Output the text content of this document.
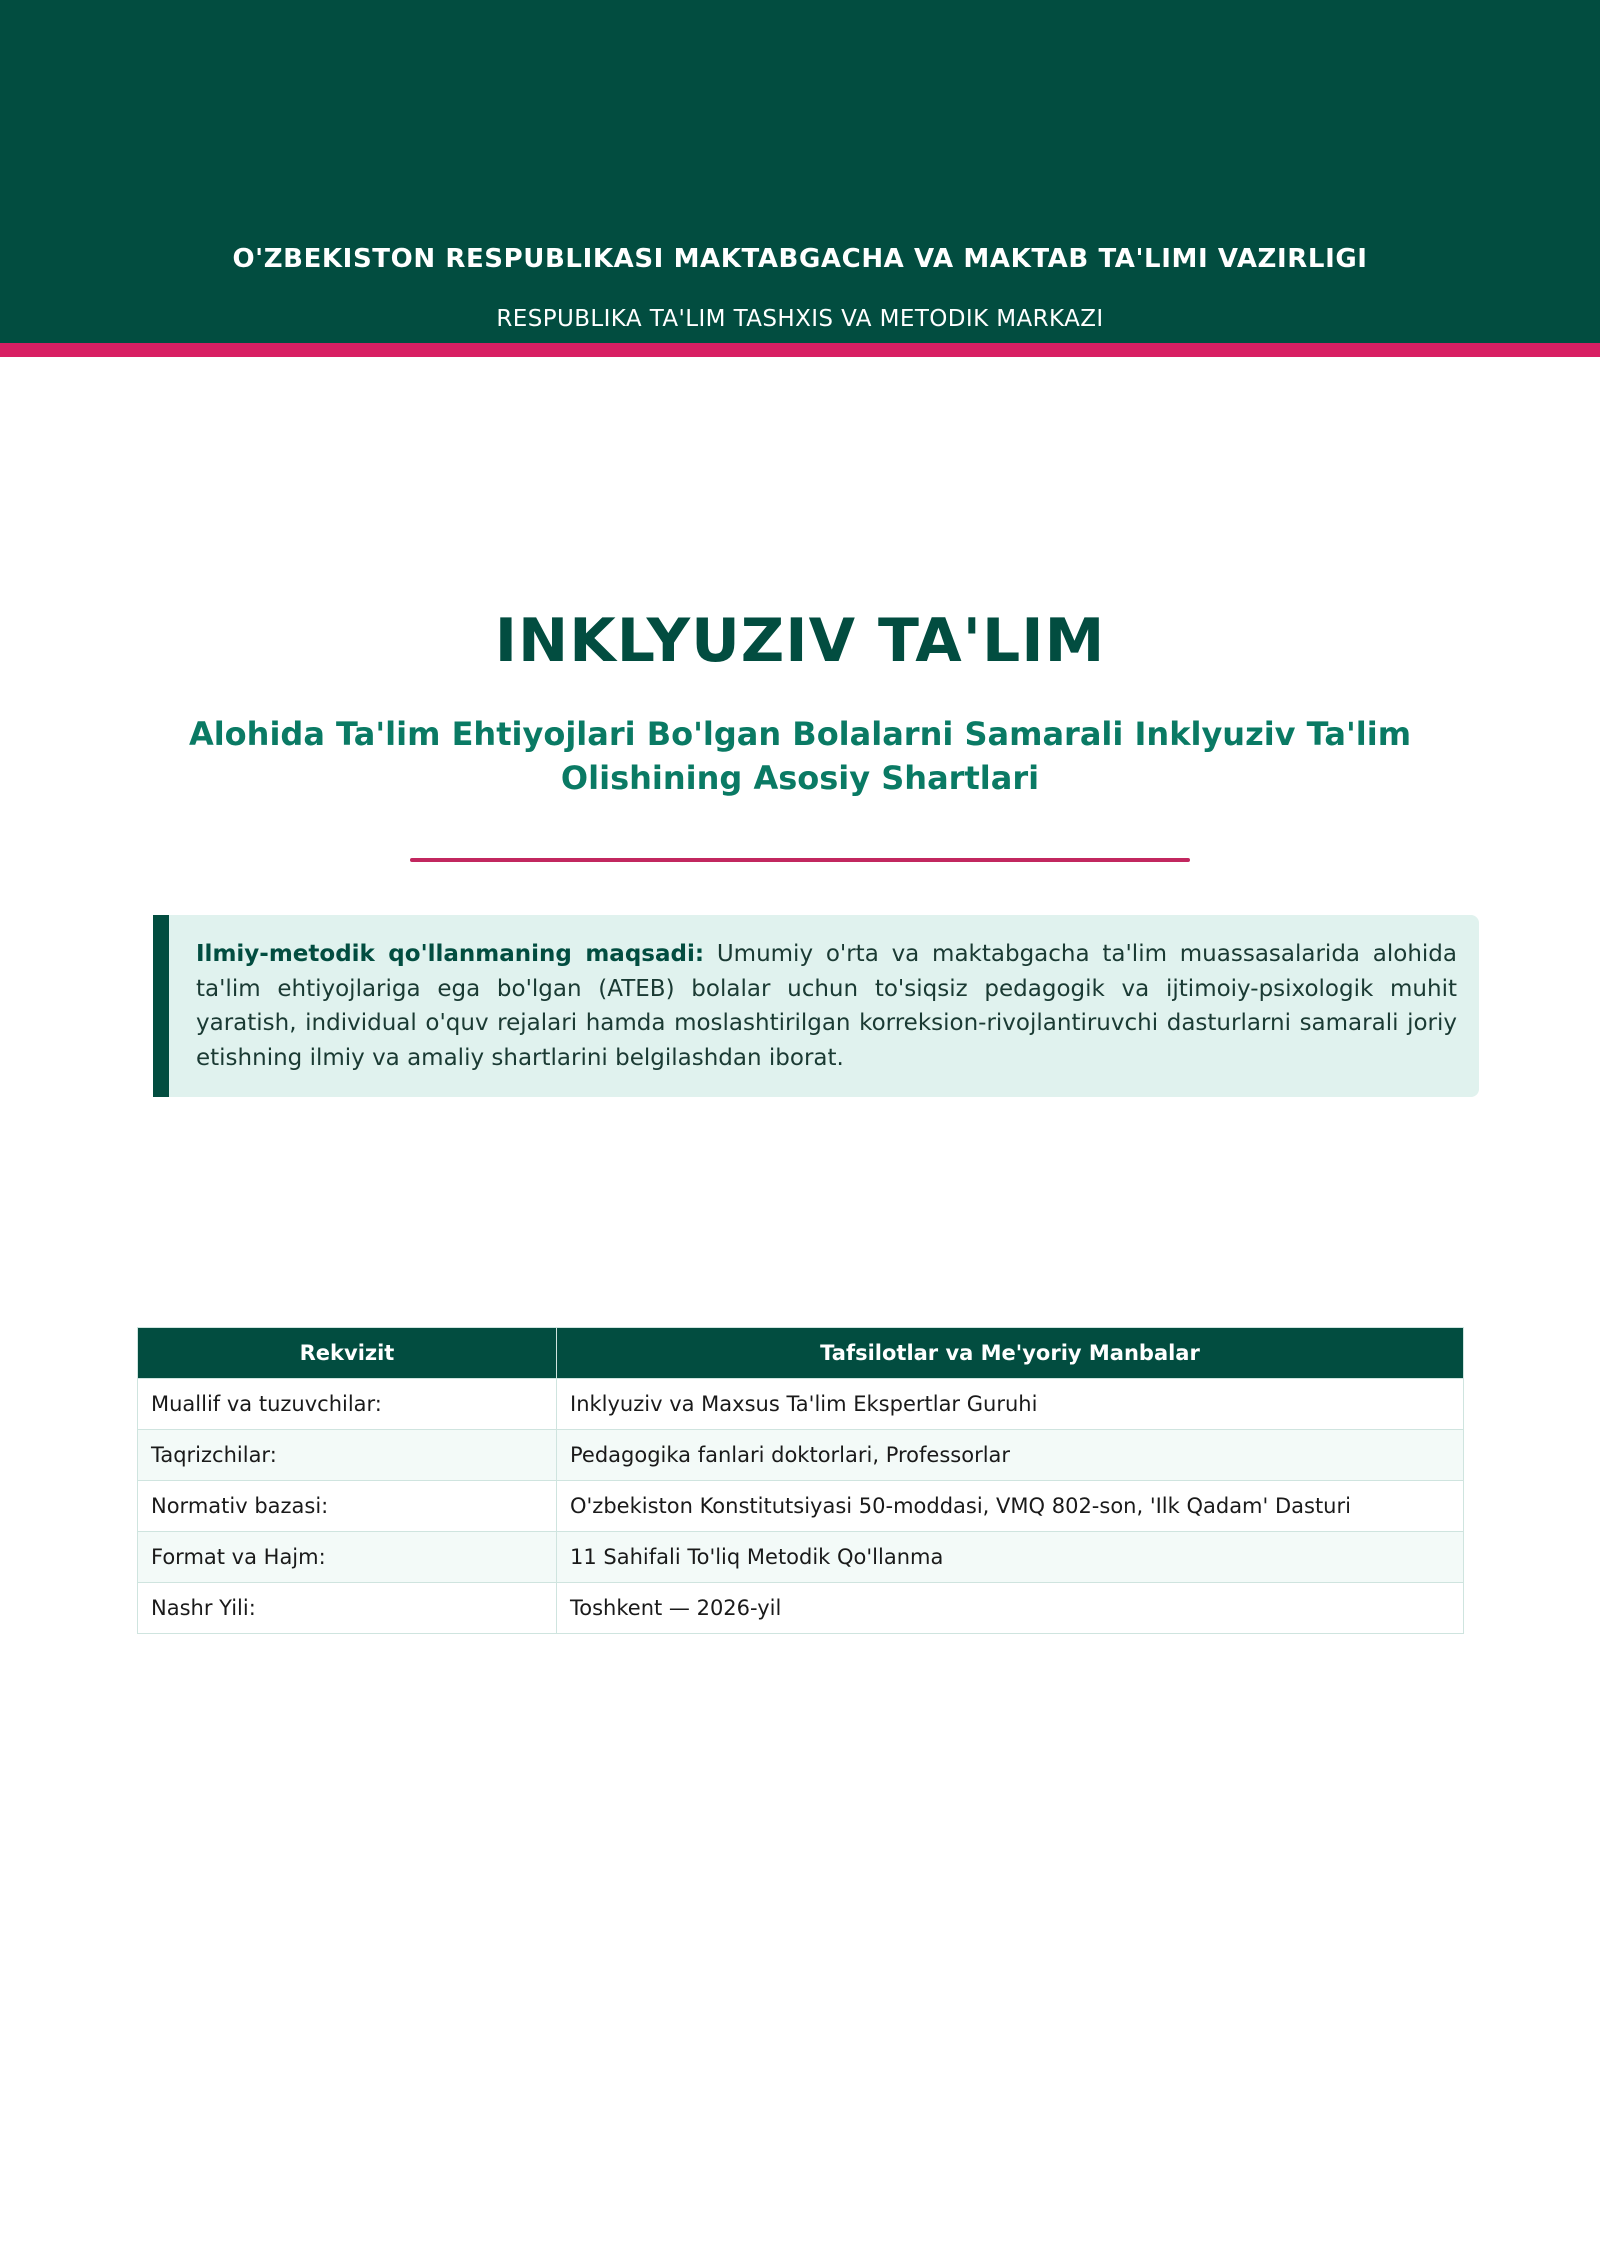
O'ZBEKISTON RESPUBLIKASI MAKTABGACHA VA MAKTAB TA'LIMI VAZIRLIGI
RESPUBLIKA TA'LIM TASHXIS VA METODIK MARKAZI
INKLYUZIV TA'LIM
Alohida Ta'lim Ehtiyojlari Bo'lgan Bolalarni Samarali Inklyuziv Ta'lim Olishining Asosiy Shartlari

Ilmiy-metodik qo'llanmaning maqsadi: Umumiy o'rta va maktabgacha ta'lim muassasalarida alohida ta'lim ehtiyojlariga ega bo'lgan (ATEB) bolalar uchun to'siqsiz pedagogik va ijtimoiy-psixologik muhit yaratish, individual o'quv rejalari hamda moslashtirilgan korreksion-rivojlantiruvchi dasturlarni samarali joriy etishning ilmiy va amaliy shartlarini belgilashdan iborat.

Rekvizit	Tafsilotlar va Me'yoriy Manbalar
Muallif va tuzuvchilar:	Inklyuziv va Maxsus Ta'lim Ekspertlar Guruhi
Taqrizchilar:	Pedagogika fanlari doktorlari, Professorlar
Normativ bazasi:	O'zbekiston Konstitutsiyasi 50-moddasi, VMQ 802-son, 'Ilk Qadam' Dasturi
Format va Hajm:	11 Sahifali To'liq Metodik Qo'llanma
Nashr Yili:	Toshkent — 2026-yil
